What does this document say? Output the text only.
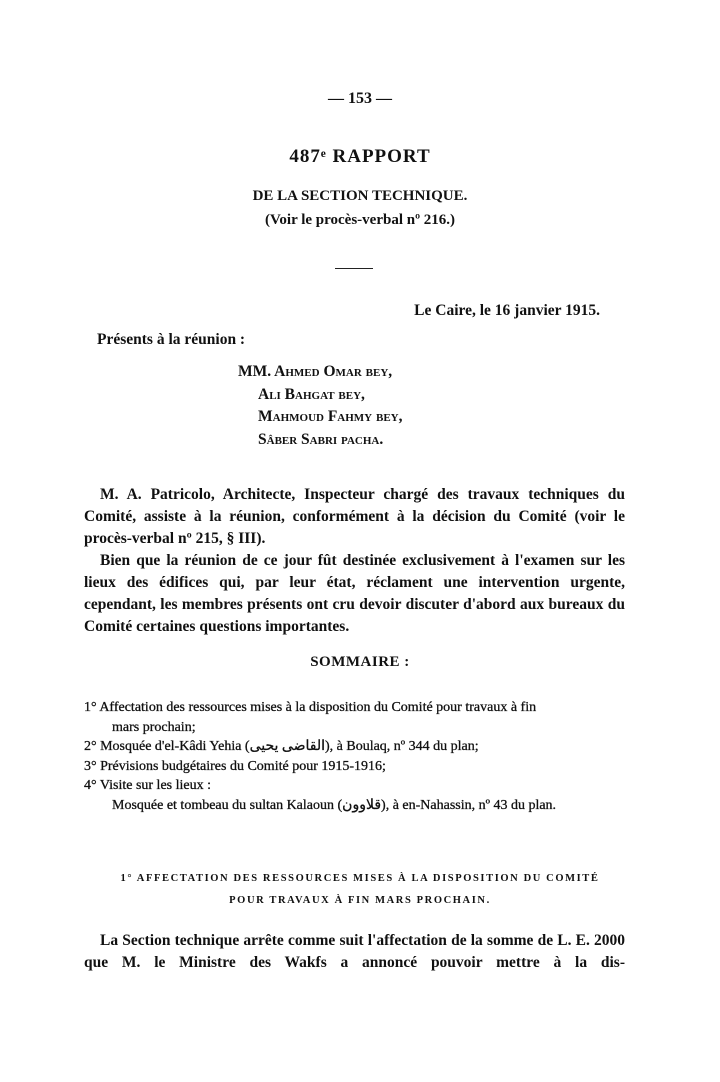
— 153 —
487ᵉ RAPPORT
DE LA SECTION TECHNIQUE.
(Voir le procès-verbal nº 216.)
Le Caire, le 16 janvier 1915.
Présents à la réunion :
MM. Ahmed Omar bey,
Ali Bahgat bey,
Mahmoud Fahmy bey,
Sâber Sabri pacha.

M. A. Patricolo, Architecte, Inspecteur chargé des travaux techniques du Comité, assiste à la réunion, conformément à la décision du Comité (voir le procès-verbal nº 215, § III).

Bien que la réunion de ce jour fût destinée exclusivement à l'examen sur les lieux des édifices qui, par leur état, réclament une intervention urgente, cependant, les membres présents ont cru devoir discuter d'abord aux bureaux du Comité certaines questions importantes.

SOMMAIRE :
1° Affectation des ressources mises à la disposition du Comité pour travaux à fin
mars prochain;
2° Mosquée d'el-Kâdi Yehia (القاضى يحيى), à Boulaq, nº 344 du plan;
3° Prévisions budgétaires du Comité pour 1915-1916;
4° Visite sur les lieux :
Mosquée et tombeau du sultan Kalaoun (قلاوون), à en-Nahassin, nº 43 du plan.
1° AFFECTATION DES RESSOURCES MISES À LA DISPOSITION DU COMITÉ
POUR TRAVAUX À FIN MARS PROCHAIN.

La Section technique arrête comme suit l'affectation de la somme de L. E. 2000 que M. le Ministre des Wakfs a annoncé pouvoir mettre à la dis-
